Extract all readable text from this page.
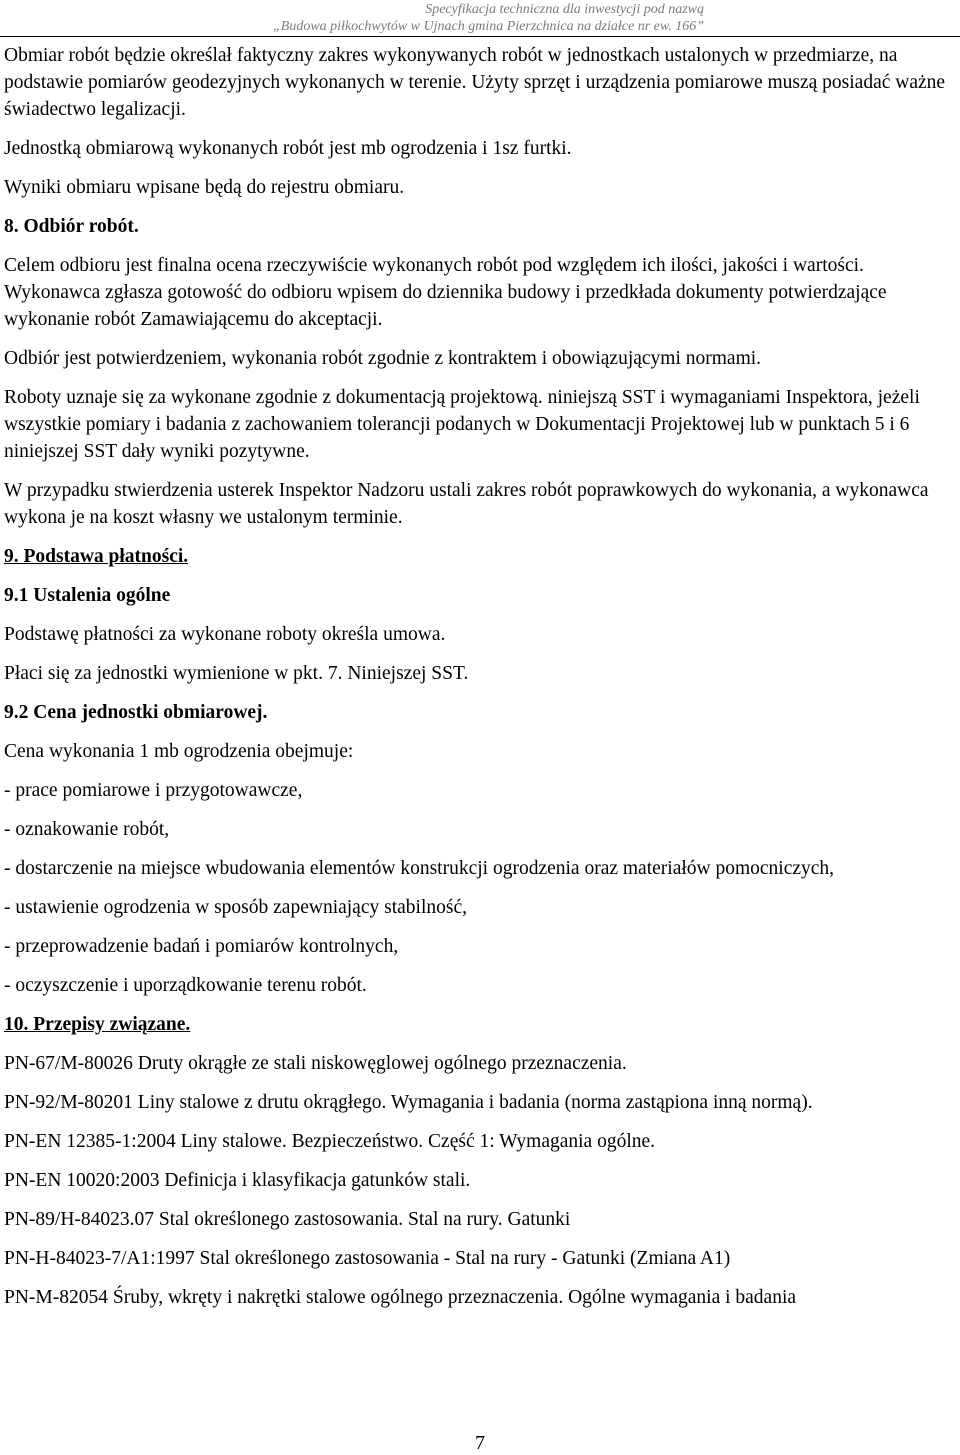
Specyfikacja techniczna dla inwestycji pod nazwą
„Budowa piłkochwytów w Ujnach gmina Pierzchnica na działce nr ew. 166”

Obmiar robót będzie określał faktyczny zakres wykonywanych robót w jednostkach ustalonych w przedmiarze, na podstawie pomiarów geodezyjnych wykonanych w terenie. Użyty sprzęt i urządzenia pomiarowe muszą posiadać ważne świadectwo legalizacji.

Jednostką obmiarową wykonanych robót jest mb ogrodzenia i 1sz furtki.

Wyniki obmiaru wpisane będą do rejestru obmiaru.

8. Odbiór robót.

Celem odbioru jest finalna ocena rzeczywiście wykonanych robót pod względem ich ilości, jakości i wartości. Wykonawca zgłasza gotowość do odbioru wpisem do dziennika budowy i przedkłada dokumenty potwierdzające wykonanie robót Zamawiającemu do akceptacji.

Odbiór jest potwierdzeniem, wykonania robót zgodnie z kontraktem i obowiązującymi normami.

Roboty uznaje się za wykonane zgodnie z dokumentacją projektową. niniejszą SST i wymaganiami Inspektora, jeżeli wszystkie pomiary i badania z zachowaniem tolerancji podanych w Dokumentacji Projektowej lub w punktach 5 i 6 niniejszej SST dały wyniki pozytywne.

W przypadku stwierdzenia usterek Inspektor Nadzoru ustali zakres robót poprawkowych do wykonania, a wykonawca wykona je na koszt własny we ustalonym terminie.

9. Podstawa płatności.

9.1 Ustalenia ogólne

Podstawę płatności za wykonane roboty określa umowa.

Płaci się za jednostki wymienione w pkt. 7. Niniejszej SST.

9.2 Cena jednostki obmiarowej.

Cena wykonania 1 mb ogrodzenia obejmuje:

- prace pomiarowe i przygotowawcze,

- oznakowanie robót,

- dostarczenie na miejsce wbudowania elementów konstrukcji ogrodzenia oraz materiałów pomocniczych,

- ustawienie ogrodzenia w sposób zapewniający stabilność,

- przeprowadzenie badań i pomiarów kontrolnych,

- oczyszczenie i uporządkowanie terenu robót.

10. Przepisy związane.

PN-67/M-80026 Druty okrągłe ze stali niskowęglowej ogólnego przeznaczenia.

PN-92/M-80201 Liny stalowe z drutu okrągłego. Wymagania i badania (norma zastąpiona inną normą).

PN-EN 12385-1:2004 Liny stalowe. Bezpieczeństwo. Część 1: Wymagania ogólne.

PN-EN 10020:2003 Definicja i klasyfikacja gatunków stali.

PN-89/H-84023.07 Stal określonego zastosowania. Stal na rury. Gatunki

PN-H-84023-7/A1:1997 Stal określonego zastosowania - Stal na rury - Gatunki (Zmiana A1)

PN-M-82054 Śruby, wkręty i nakrętki stalowe ogólnego przeznaczenia. Ogólne wymagania i badania

7
